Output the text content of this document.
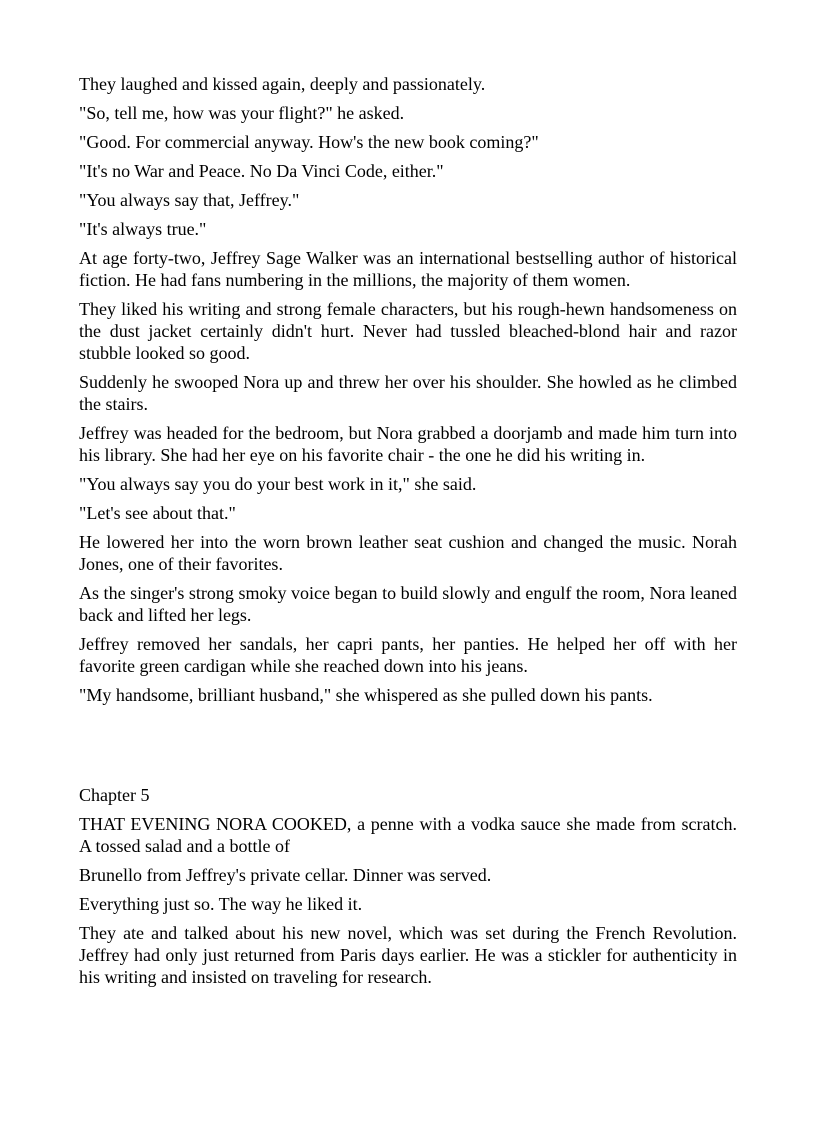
They laughed and kissed again, deeply and passionately.

"So, tell me, how was your flight?" he asked.

"Good. For commercial anyway. How's the new book coming?"

"It's no War and Peace. No Da Vinci Code, either."

"You always say that, Jeffrey."

"It's always true."

At age forty-two, Jeffrey Sage Walker was an international bestselling author of historical fiction. He had fans numbering in the millions, the majority of them women.

They liked his writing and strong female characters, but his rough-hewn handsomeness on the dust jacket certainly didn't hurt. Never had tussled bleached-blond hair and razor stubble looked so good.

Suddenly he swooped Nora up and threw her over his shoulder. She howled as he climbed the stairs.

Jeffrey was headed for the bedroom, but Nora grabbed a doorjamb and made him turn into his library. She had her eye on his favorite chair - the one he did his writing in.

"You always say you do your best work in it," she said.

"Let's see about that."

He lowered her into the worn brown leather seat cushion and changed the music. Norah Jones, one of their favorites.

As the singer's strong smoky voice began to build slowly and engulf the room, Nora leaned back and lifted her legs.

Jeffrey removed her sandals, her capri pants, her panties. He helped her off with her favorite green cardigan while she reached down into his jeans.

"My handsome, brilliant husband," she whispered as she pulled down his pants.

Chapter 5

THAT EVENING NORA COOKED, a penne with a vodka sauce she made from scratch. A tossed salad and a bottle of

Brunello from Jeffrey's private cellar. Dinner was served.

Everything just so. The way he liked it.

They ate and talked about his new novel, which was set during the French Revolution. Jeffrey had only just returned from Paris days earlier. He was a stickler for authenticity in his writing and insisted on traveling for research.
